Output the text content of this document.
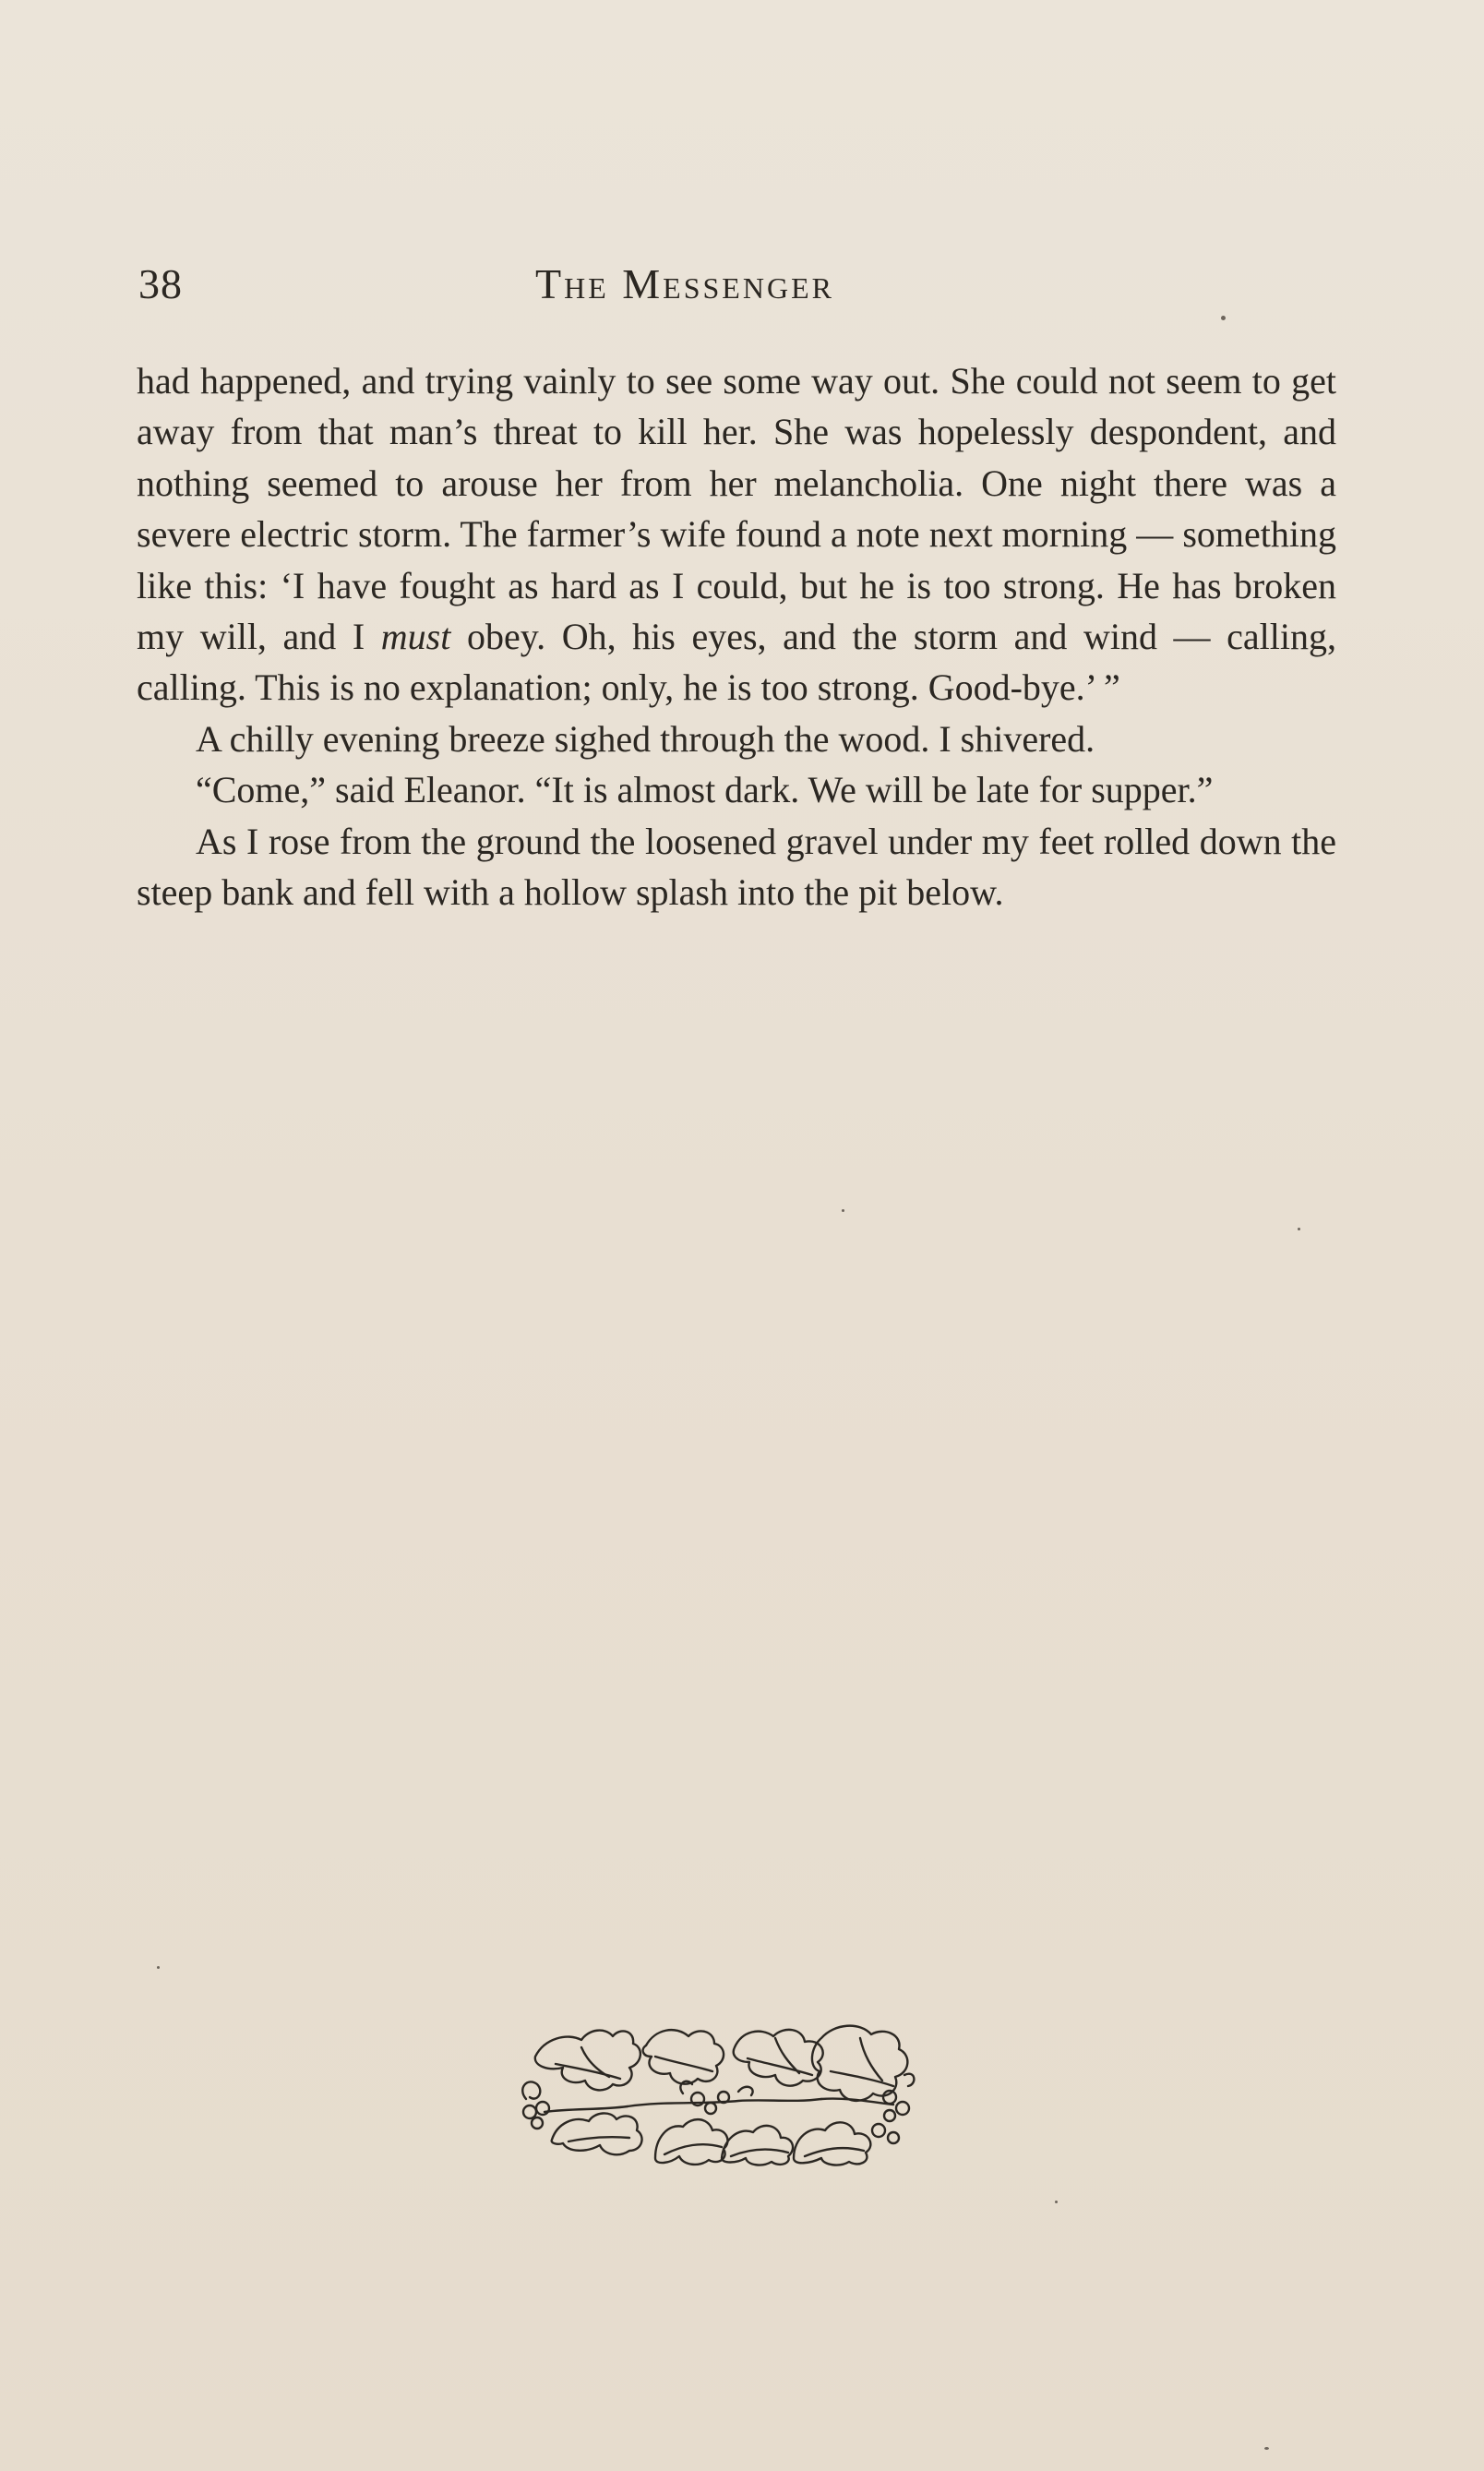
38	The Messenger

had happened, and trying vainly to see some way out. She could not seem to get away from that man’s threat to kill her. She was hopelessly despondent, and nothing seemed to arouse her from her melancholia. One night there was a severe electric storm. The farmer’s wife found a note next morning — something like this: ‘I have fought as hard as I could, but he is too strong. He has broken my will, and I must obey. Oh, his eyes, and the storm and wind — calling, calling. This is no explanation; only, he is too strong. Good-bye.’ ”

A chilly evening breeze sighed through the wood. I shivered.

“Come,” said Eleanor. “It is almost dark. We will be late for supper.”

As I rose from the ground the loosened gravel under my feet rolled down the steep bank and fell with a hollow splash into the pit below.
